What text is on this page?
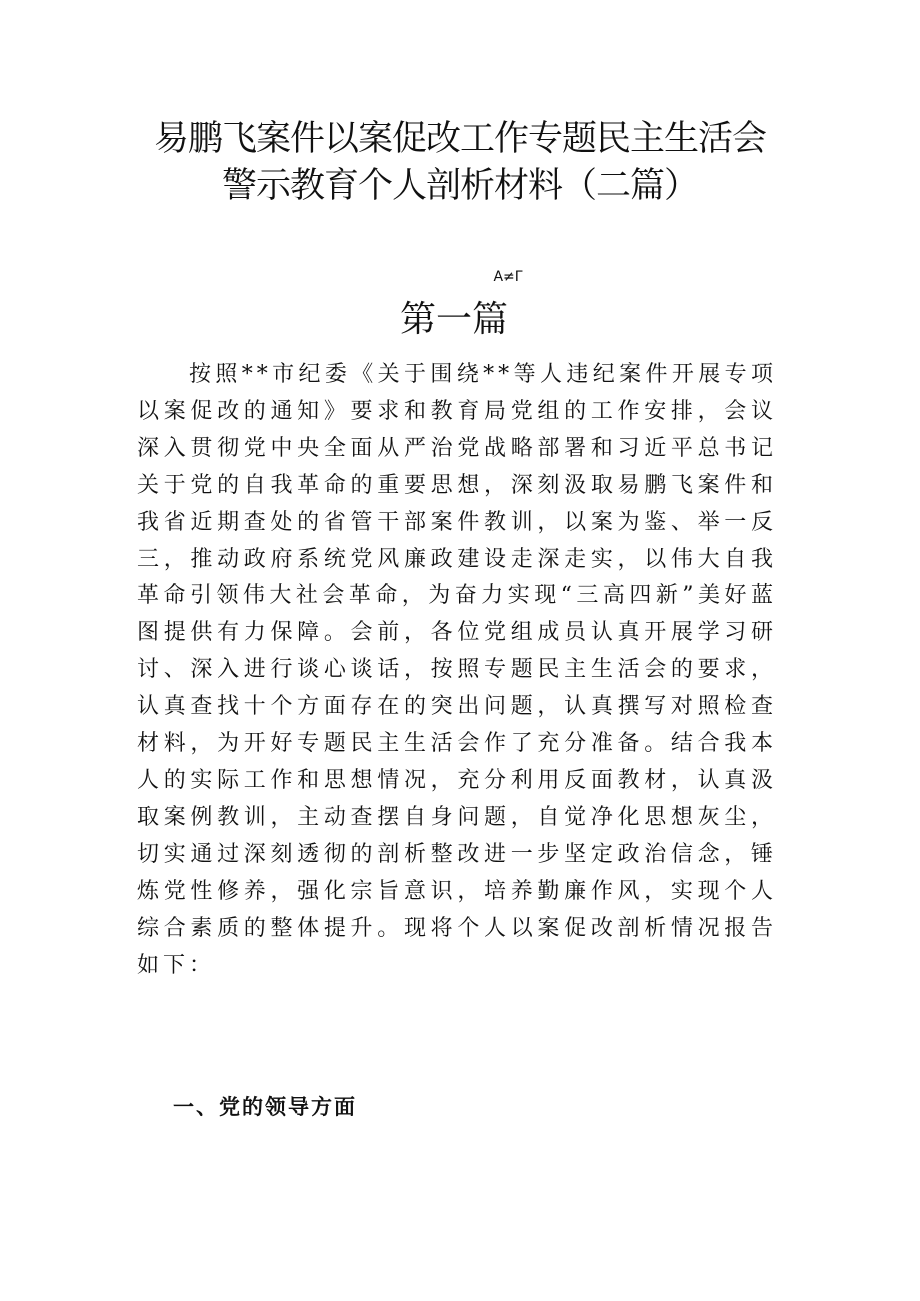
易鹏飞案件以案促改工作专题民主生活会
警示教育个人剖析材料（二篇）
A≠Γ
第一篇

按照**市纪委《关于围绕**等人违纪案件开展专项以案促改的通知》要求和教育局党组的工作安排，会议深入贯彻党中央全面从严治党战略部署和习近平总书记关于党的自我革命的重要思想，深刻汲取易鹏飞案件和我省近期查处的省管干部案件教训，以案为鉴、举一反三，推动政府系统党风廉政建设走深走实，以伟大自我革命引领伟大社会革命，为奋力实现“三高四新”美好蓝图提供有力保障。会前，各位党组成员认真开展学习研讨、深入进行谈心谈话，按照专题民主生活会的要求，认真查找十个方面存在的突出问题，认真撰写对照检查材料，为开好专题民主生活会作了充分准备。结合我本人的实际工作和思想情况，充分利用反面教材，认真汲取案例教训，主动查摆自身问题，自觉净化思想灰尘，切实通过深刻透彻的剖析整改进一步坚定政治信念，锤炼党性修养，强化宗旨意识，培养勤廉作风，实现个人综合素质的整体提升。现将个人以案促改剖析情况报告如下：

一、党的领导方面
